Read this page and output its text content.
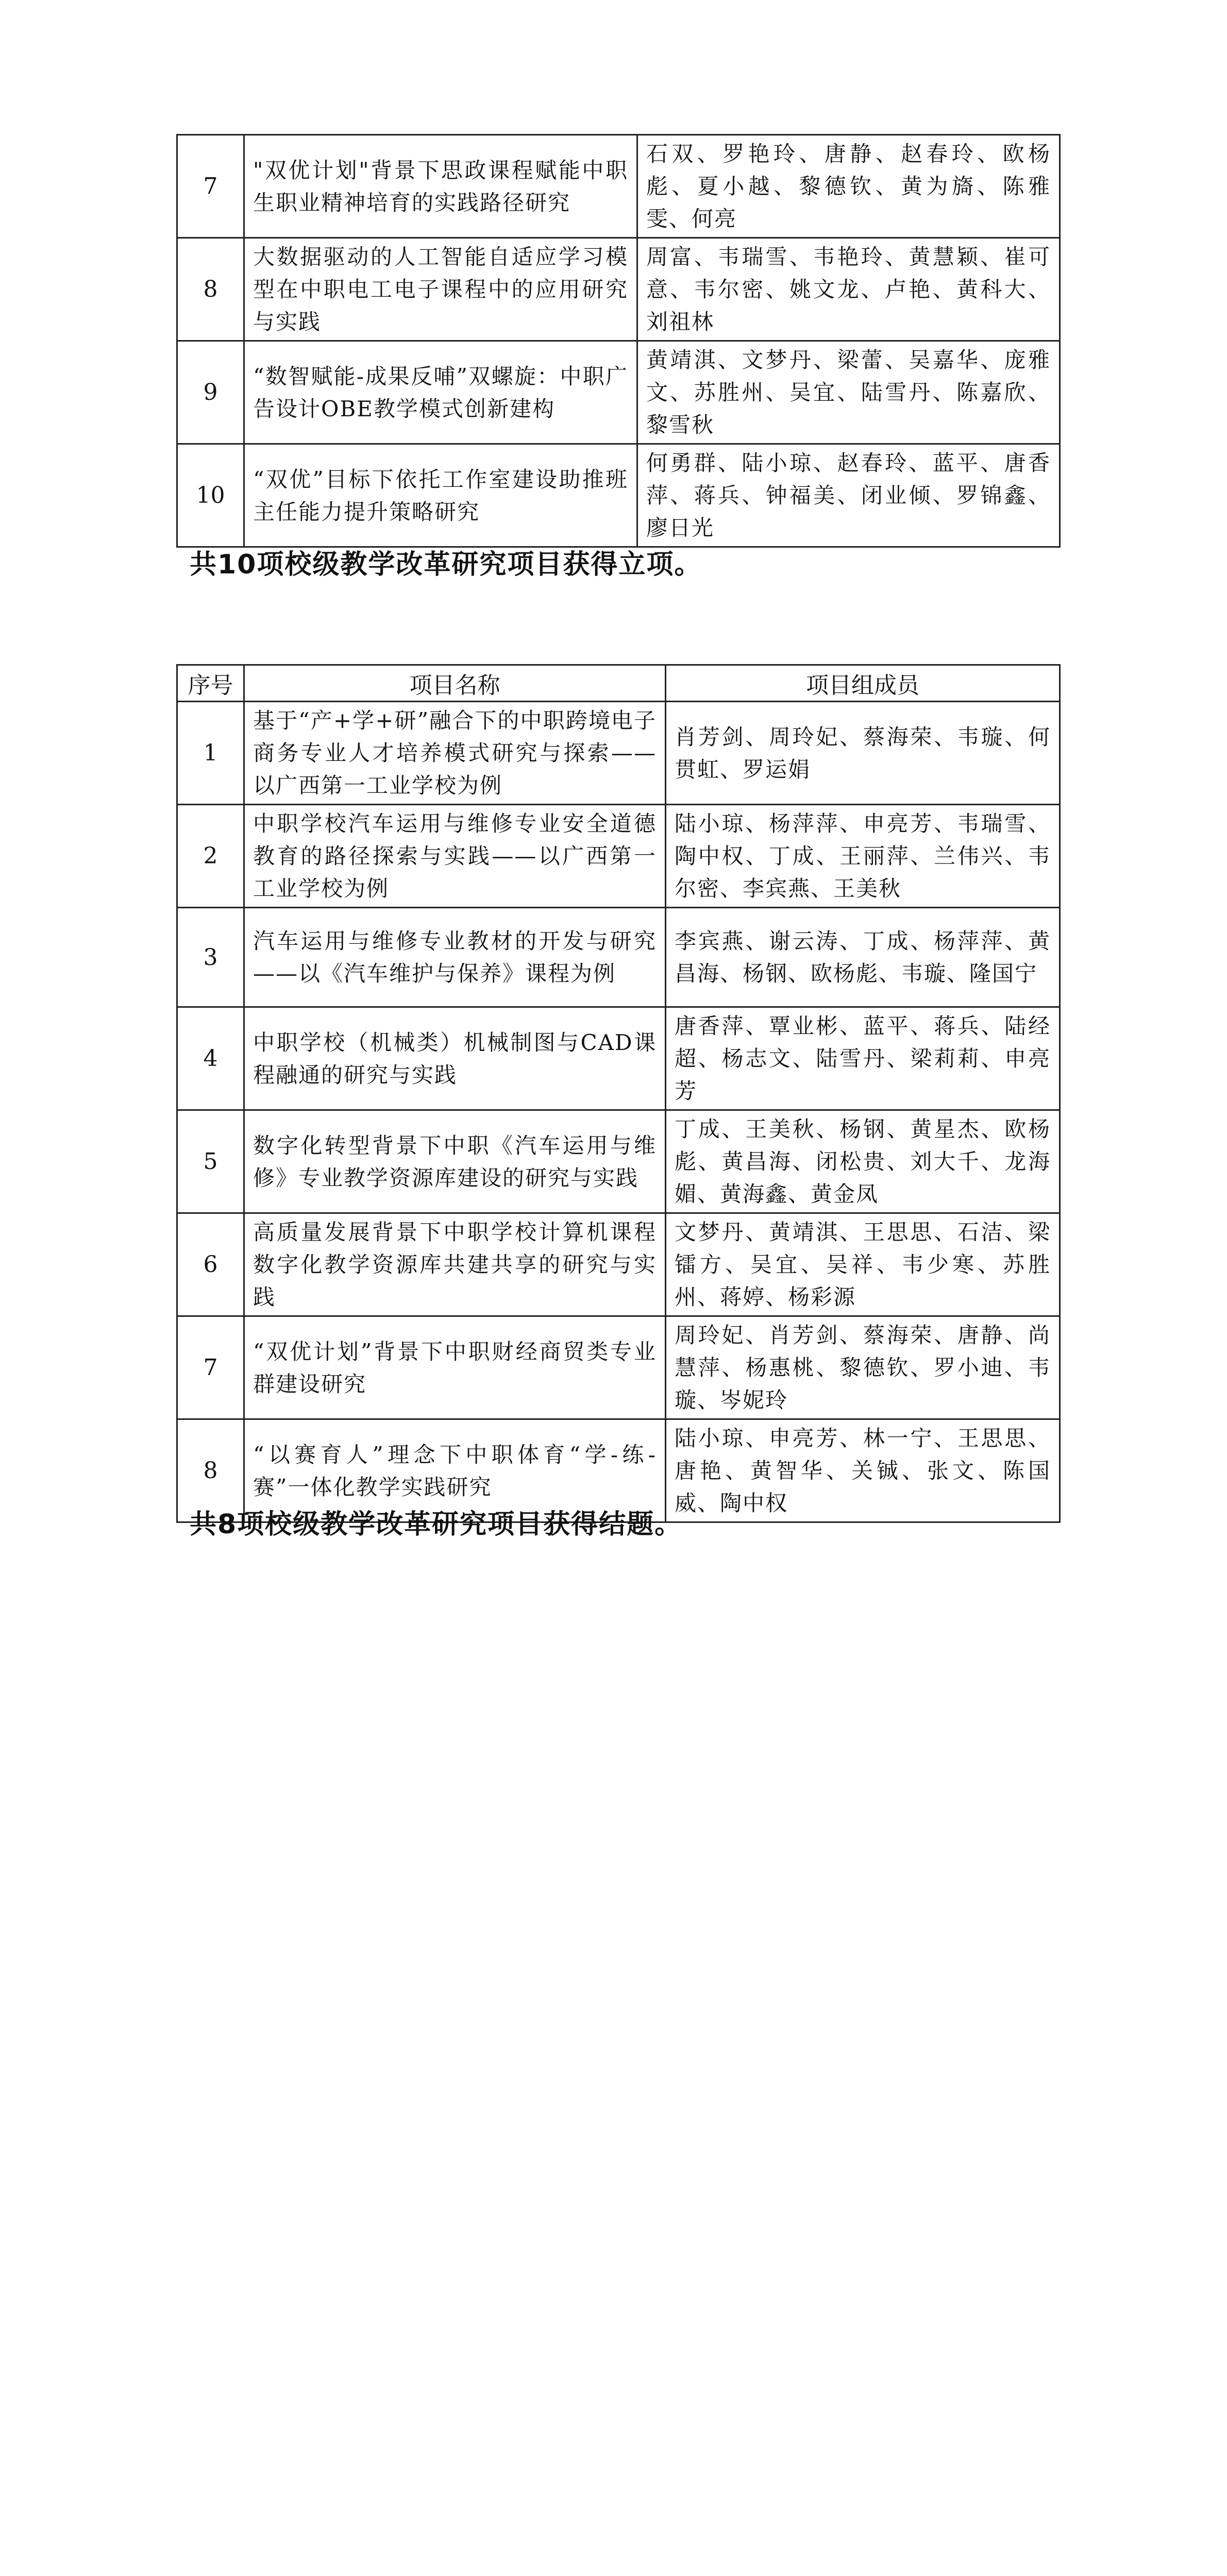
7	"双优计划"背景下思政课程赋能中职生职业精神培育的实践路径研究	石双、罗艳玲、唐静、赵春玲、欧杨彪、夏小越、黎德钦、黄为旖、陈雅雯、何亮
8	大数据驱动的人工智能自适应学习模型在中职电工电子课程中的应用研究与实践	周富、韦瑞雪、韦艳玲、黄慧颖、崔可意、韦尔密、姚文龙、卢艳、黄科大、刘祖林
9	“数智赋能-成果反哺”双螺旋：中职广告设计OBE教学模式创新建构	黄靖淇、文梦丹、梁蕾、吴嘉华、庞雅文、苏胜州、吴宜、陆雪丹、陈嘉欣、黎雪秋
10	“双优”目标下依托工作室建设助推班主任能力提升策略研究	何勇群、陆小琼、赵春玲、蓝平、唐香萍、蒋兵、钟福美、闭业倾、罗锦鑫、廖日光
共10项校级教学改革研究项目获得立项。
序号	项目名称	项目组成员
1	基于“产+学+研”融合下的中职跨境电子商务专业人才培养模式研究与探索——以广西第一工业学校为例	肖芳剑、周玲妃、蔡海荣、韦璇、何贯虹、罗运娟
2	中职学校汽车运用与维修专业安全道德教育的路径探索与实践——以广西第一工业学校为例	陆小琼、杨萍萍、申亮芳、韦瑞雪、陶中权、丁成、王丽萍、兰伟兴、韦尔密、李宾燕、王美秋
3	汽车运用与维修专业教材的开发与研究——以《汽车维护与保养》课程为例	李宾燕、谢云涛、丁成、杨萍萍、黄昌海、杨钢、欧杨彪、韦璇、隆国宁
4	中职学校（机械类）机械制图与CAD课程融通的研究与实践	唐香萍、覃业彬、蓝平、蒋兵、陆经超、杨志文、陆雪丹、梁莉莉、申亮芳
5	数字化转型背景下中职《汽车运用与维修》专业教学资源库建设的研究与实践	丁成、王美秋、杨钢、黄星杰、欧杨彪、黄昌海、闭松贵、刘大千、龙海媚、黄海鑫、黄金凤
6	高质量发展背景下中职学校计算机课程数字化教学资源库共建共享的研究与实践	文梦丹、黄靖淇、王思思、石洁、梁镭方、吴宜、吴祥、韦少寒、苏胜州、蒋婷、杨彩源
7	“双优计划”背景下中职财经商贸类专业群建设研究	周玲妃、肖芳剑、蔡海荣、唐静、尚慧萍、杨惠桃、黎德钦、罗小迪、韦璇、岑妮玲
8	“以赛育人”理念下中职体育“学-练-赛”一体化教学实践研究	陆小琼、申亮芳、林一宁、王思思、唐艳、黄智华、关铖、张文、陈国威、陶中权
共8项校级教学改革研究项目获得结题。
